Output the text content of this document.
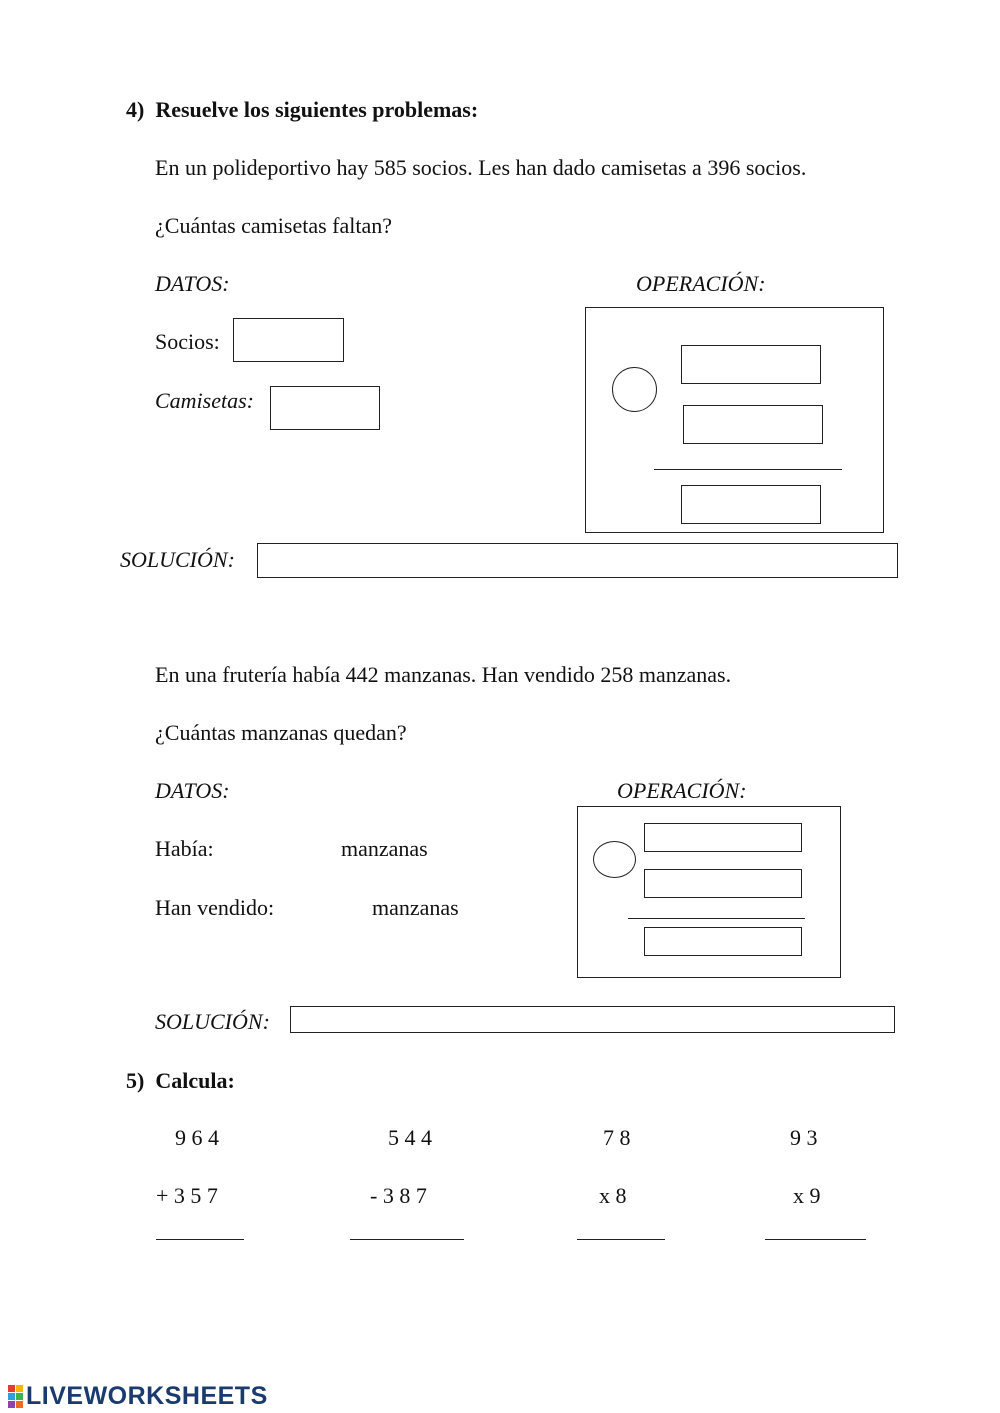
4)  Resuelve los siguientes problemas:
En un polideportivo hay 585 socios. Les han dado camisetas a 396 socios.
¿Cuántas camisetas faltan?
DATOS:	OPERACIÓN:
Socios:
Camisetas:
SOLUCIÓN:
En una frutería había 442 manzanas. Han vendido 258 manzanas.
¿Cuántas manzanas quedan?
DATOS:	OPERACIÓN:
Había:	manzanas
Han vendido:	manzanas
SOLUCIÓN:
5)  Calcula:
9 6 4
+ 3 5 7
5 4 4
- 3 8 7
7 8
x 8
9 3
x 9
LIVEWORKSHEETS
